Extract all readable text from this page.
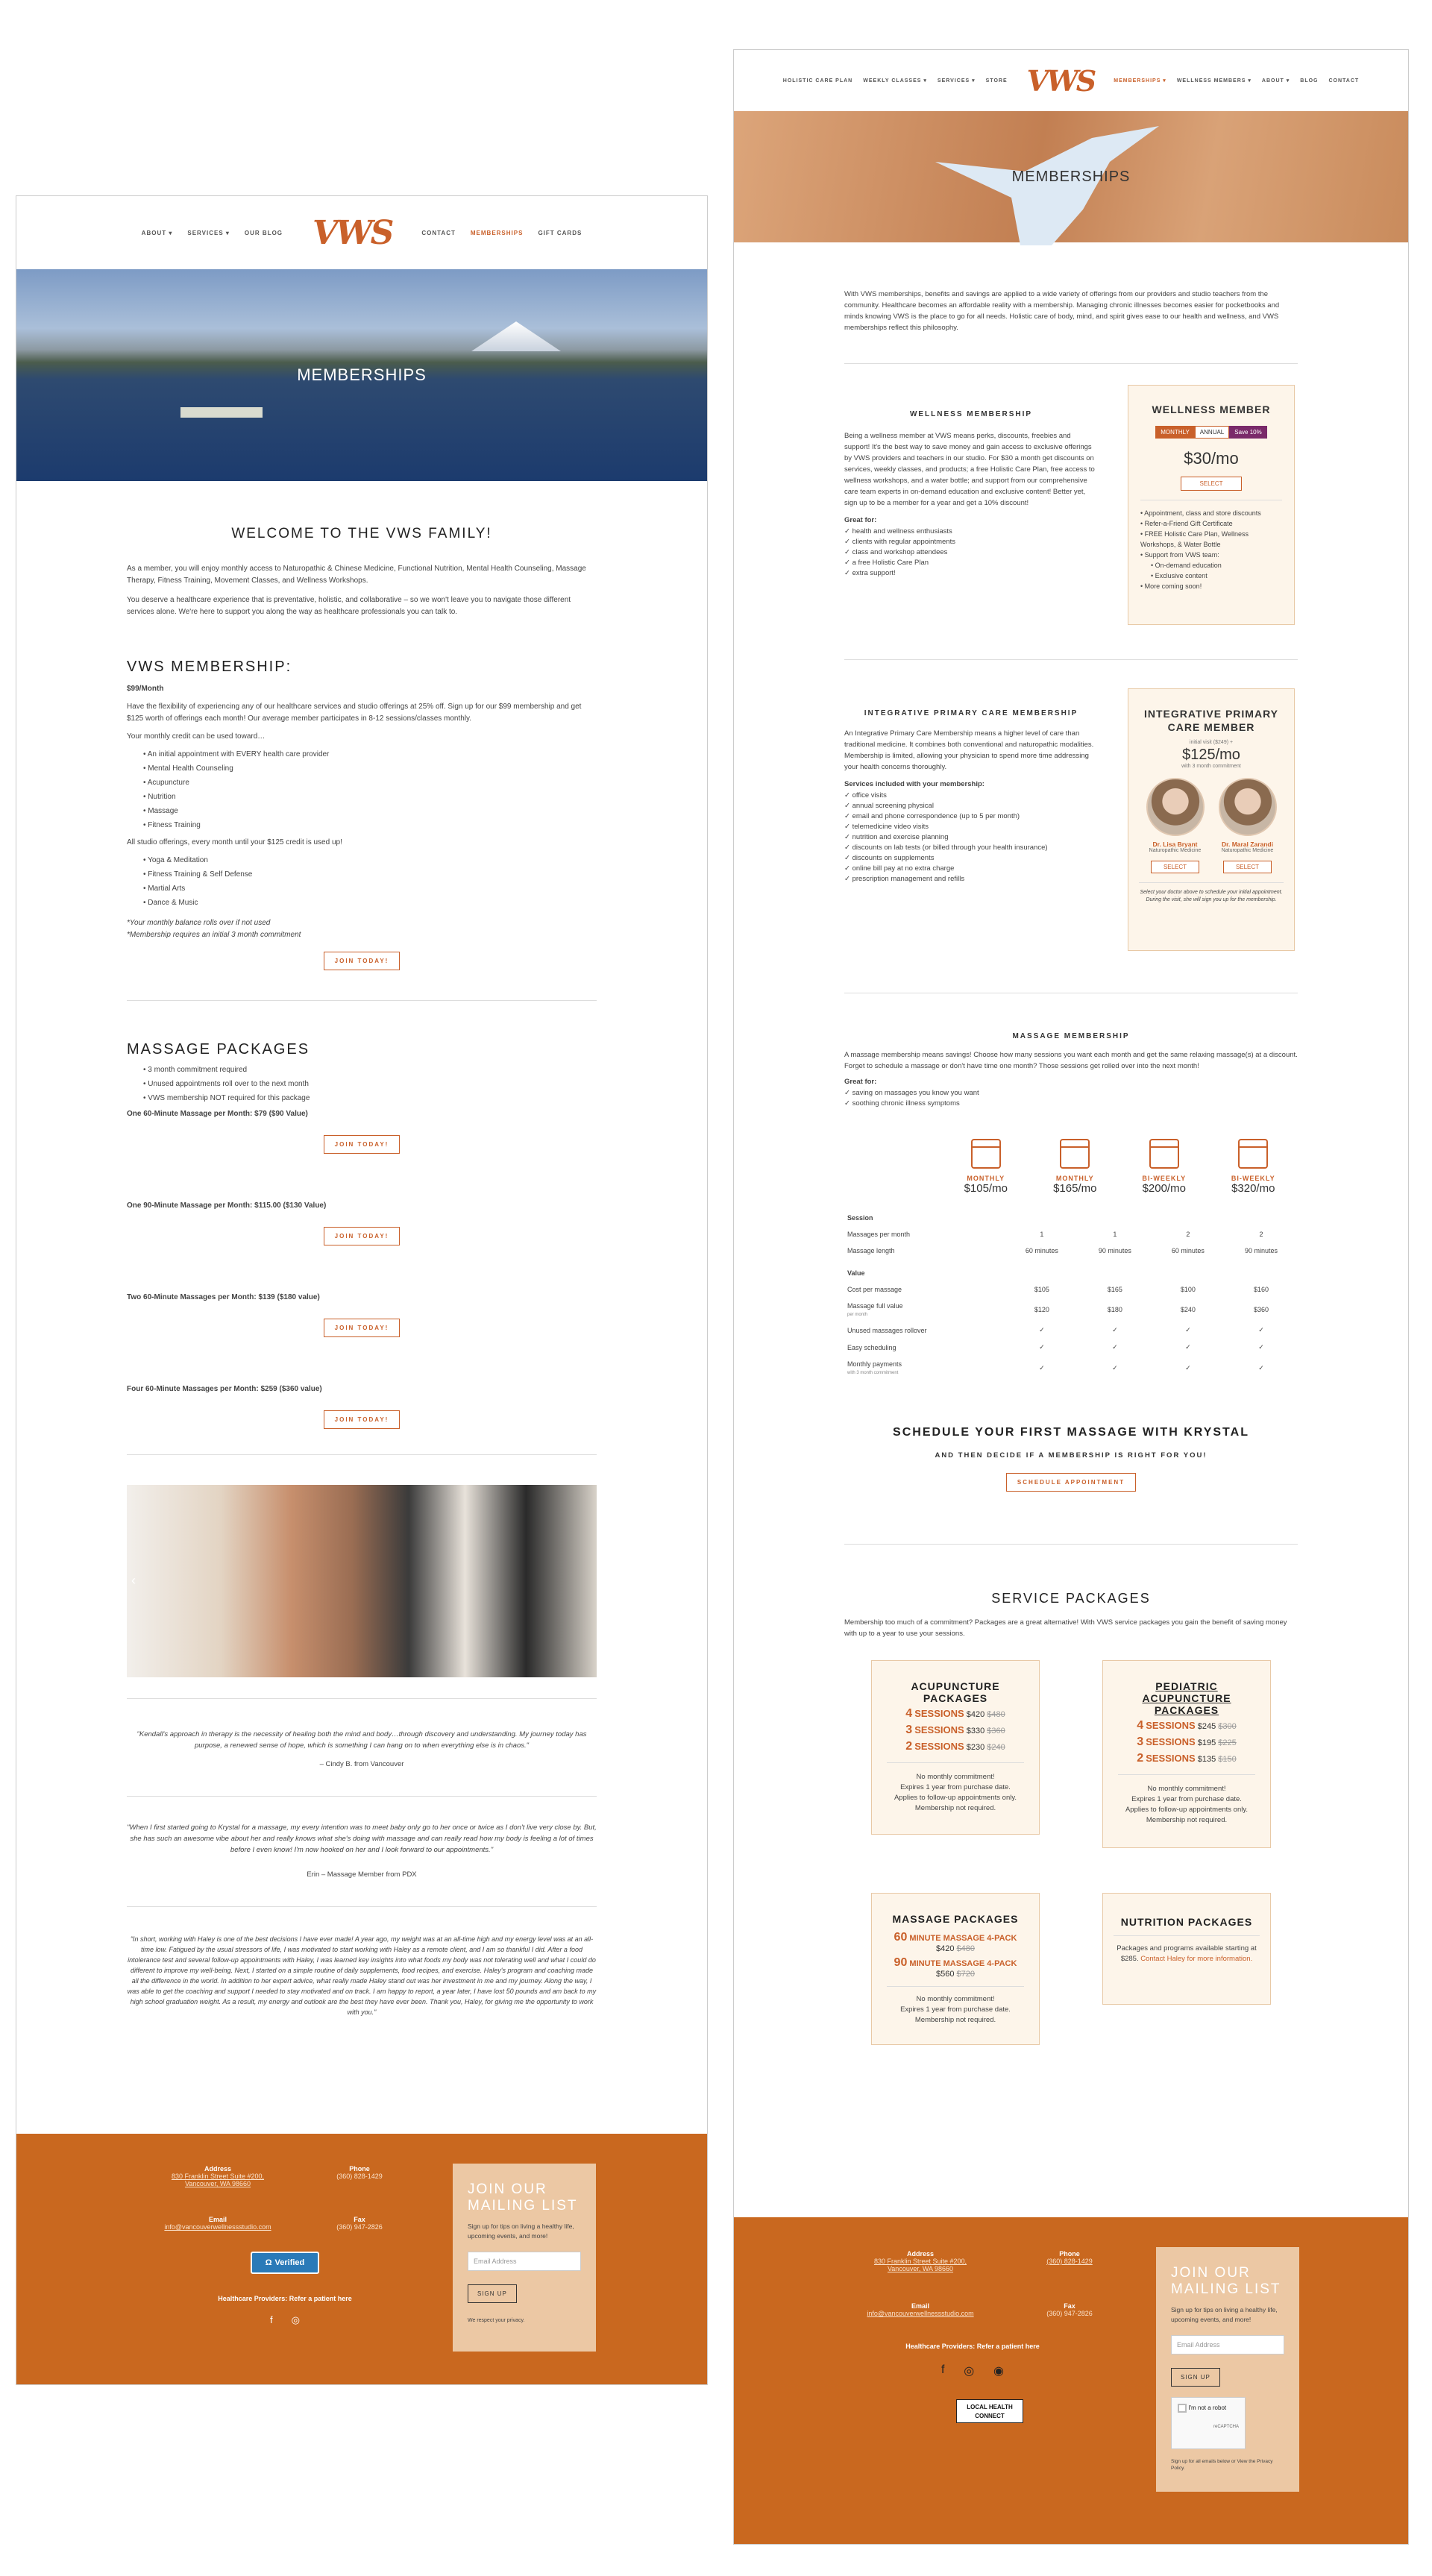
ABOUT ▾	SERVICES ▾	OUR BLOG VWS	CONTACT	MEMBERSHIPS	GIFT CARDS
MEMBERSHIPS
WELCOME TO THE VWS FAMILY!

As a member, you will enjoy monthly access to Naturopathic & Chinese Medicine, Functional Nutrition, Mental Health Counseling, Massage Therapy, Fitness Training, Movement Classes, and Wellness Workshops.

You deserve a healthcare experience that is preventative, holistic, and collaborative – so we won't leave you to navigate those different services alone. We're here to support you along the way as healthcare professionals you can talk to.

VWS MEMBERSHIP:

$99/Month

Have the flexibility of experiencing any of our healthcare services and studio offerings at 25% off. Sign up for our $99 membership and get $125 worth of offerings each month! Our average member participates in 8-12 sessions/classes monthly.

Your monthly credit can be used toward…

• An initial appointment with EVERY health care provider
• Mental Health Counseling
• Acupuncture
• Nutrition
• Massage
• Fitness Training

All studio offerings, every month until your $125 credit is used up!

• Yoga & Meditation
• Fitness Training & Self Defense
• Martial Arts
• Dance & Music

*Your monthly balance rolls over if not used

*Membership requires an initial 3 month commitment

JOIN TODAY!
MASSAGE PACKAGES
• 3 month commitment required
• Unused appointments roll over to the next month
• VWS membership NOT required for this package

One 60-Minute Massage per Month: $79 ($90 Value)

JOIN TODAY!

One 90-Minute Massage per Month: $115.00 ($130 Value)

JOIN TODAY!

Two 60-Minute Massages per Month: $139 ($180 value)

JOIN TODAY!

Four 60-Minute Massages per Month: $259 ($360 value)

JOIN TODAY!
‹

"Kendall's approach in therapy is the necessity of healing both the mind and body…through discovery and understanding. My journey today has purpose, a renewed sense of hope, which is something I can hang on to when everything else is in chaos."

– Cindy B. from Vancouver

"When I first started going to Krystal for a massage, my every intention was to meet baby only go to her once or twice as I don't live very close by. But, she has such an awesome vibe about her and really knows what she's doing with massage and can really read how my body is feeling a lot of times before I even know! I'm now hooked on her and I look forward to our appointments."

Erin – Massage Member from PDX

"In short, working with Haley is one of the best decisions I have ever made! A year ago, my weight was at an all-time high and my energy level was at an all-time low. Fatigued by the usual stressors of life, I was motivated to start working with Haley as a remote client, and I am so thankful I did. After a food intolerance test and several follow-up appointments with Haley, I was learned key insights into what foods my body was not tolerating well and what I could do different to improve my well-being. Next, I started on a simple routine of daily supplements, food recipes, and exercise. Haley's program and coaching made all the difference in the world. In addition to her expert advice, what really made Haley stand out was her investment in me and my journey. Along the way, I was able to get the coaching and support I needed to stay motivated and on track. I am happy to report, a year later, I have lost 50 pounds and am back to my high school graduation weight. As a result, my energy and outlook are the best they have ever been. Thank you, Haley, for giving me the opportunity to work with you."

Address
830 Franklin Street Suite #200, Vancouver, WA 98660
Phone
(360) 828-1429
Email
info@vancouverwellnessstudio.com
Fax
(360) 947-2826
Ω Verified
Healthcare Providers: Refer a patient here
f ◎
JOIN OUR MAILING LIST

Sign up for tips on living a healthy life, upcoming events, and more!

Email Address
SIGN UP

We respect your privacy.

HOLISTIC CARE PLAN WEEKLY CLASSES ▾ SERVICES ▾ STORE VWS	MEMBERSHIPS ▾ WELLNESS MEMBERS ▾ ABOUT ▾ BLOG CONTACT
MEMBERSHIPS

With VWS memberships, benefits and savings are applied to a wide variety of offerings from our providers and studio teachers from the community. Healthcare becomes an affordable reality with a membership. Managing chronic illnesses becomes easier for pocketbooks and minds knowing VWS is the place to go for all needs. Holistic care of body, mind, and spirit gives ease to our health and wellness, and VWS memberships reflect this philosophy.

WELLNESS MEMBERSHIP

Being a wellness member at VWS means perks, discounts, freebies and support! It's the best way to save money and gain access to exclusive offerings by VWS providers and teachers in our studio. For $30 a month get discounts on services, weekly classes, and products; a free Holistic Care Plan, free access to wellness workshops, and a water bottle; and support from our comprehensive care team experts in on-demand education and exclusive content! Better yet, sign up to be a member for a year and get a 10% discount!

Great for:

✓ health and wellness enthusiasts
✓ clients with regular appointments
✓ class and workshop attendees
✓ a free Holistic Care Plan
✓ extra support!
WELLNESS MEMBER
MONTHLY	ANNUAL	Save 10%
$30/mo
SELECT
• Appointment, class and store discounts
• Refer-a-Friend Gift Certificate
• FREE Holistic Care Plan, Wellness Workshops, & Water Bottle
• Support from VWS team:
• On-demand education
• Exclusive content
• More coming soon!
INTEGRATIVE PRIMARY CARE MEMBERSHIP

An Integrative Primary Care Membership means a higher level of care than traditional medicine. It combines both conventional and naturopathic modalities. Membership is limited, allowing your physician to spend more time addressing your health concerns thoroughly.

Services included with your membership:

✓ office visits
✓ annual screening physical
✓ email and phone correspondence (up to 5 per month)
✓ telemedicine video visits
✓ nutrition and exercise planning
✓ discounts on lab tests (or billed through your health insurance)
✓ discounts on supplements
✓ online bill pay at no extra charge
✓ prescription management and refills
INTEGRATIVE PRIMARY CARE MEMBER
initial visit ($249) +
$125/mo
with 3 month commitment
Dr. Lisa Bryant
Naturopathic Medicine
SELECT
Dr. Maral Zarandi
Naturopathic Medicine
SELECT

Select your doctor above to schedule your initial appointment. During the visit, she will sign you up for the membership.

MASSAGE MEMBERSHIP

A massage membership means savings! Choose how many sessions you want each month and get the same relaxing massage(s) at a discount. Forget to schedule a massage or don't have time one month? Those sessions get rolled over into the next month!

Great for:

✓ saving on massages you know you want
✓ soothing chronic illness symptoms
MONTHLY
$105/mo
MONTHLY
$165/mo
BI-WEEKLY
$200/mo
BI-WEEKLY
$320/mo
Session				
Massages per month	1	1	2	2
Massage length	60 minutes	90 minutes	60 minutes	90 minutes
Value				
Cost per massage	$105	$165	$100	$160
Massage full value
per month	$120	$180	$240	$360
Unused massages rollover	✓	✓	✓	✓
Easy scheduling	✓	✓	✓	✓
Monthly payments
with 3 month commitment	✓	✓	✓	✓
SCHEDULE YOUR FIRST MASSAGE WITH KRYSTAL
AND THEN DECIDE IF A MEMBERSHIP IS RIGHT FOR YOU!
SCHEDULE APPOINTMENT
SERVICE PACKAGES

Membership too much of a commitment? Packages are a great alternative! With VWS service packages you gain the benefit of saving money with up to a year to use your sessions.

ACUPUNCTURE PACKAGES
4 SESSIONS $420 $480
3 SESSIONS $330 $360
2 SESSIONS $230 $240
No monthly commitment!
Expires 1 year from purchase date.
Applies to follow-up appointments only.
Membership not required.
PEDIATRIC ACUPUNCTURE PACKAGES
4 SESSIONS $245 $300
3 SESSIONS $195 $225
2 SESSIONS $135 $150
No monthly commitment!
Expires 1 year from purchase date.
Applies to follow-up appointments only.
Membership not required.
MASSAGE PACKAGES
60 MINUTE MASSAGE 4-PACK
$420 $480
90 MINUTE MASSAGE 4-PACK
$560 $720
No monthly commitment!
Expires 1 year from purchase date.
Membership not required.
NUTRITION PACKAGES

Packages and programs available starting at $285. Contact Haley for more information.

Address
830 Franklin Street Suite #200, Vancouver, WA 98660
Phone
(360) 828-1429
Email
info@vancouverwellnessstudio.com
Fax
(360) 947-2826
Healthcare Providers: Refer a patient here
f ◎ ◉
LOCAL HEALTH CONNECT
JOIN OUR MAILING LIST

Sign up for tips on living a healthy life, upcoming events, and more!

Email Address
SIGN UP
I'm not a robot
reCAPTCHA

Sign up for all emails below or View the Privacy Policy.
